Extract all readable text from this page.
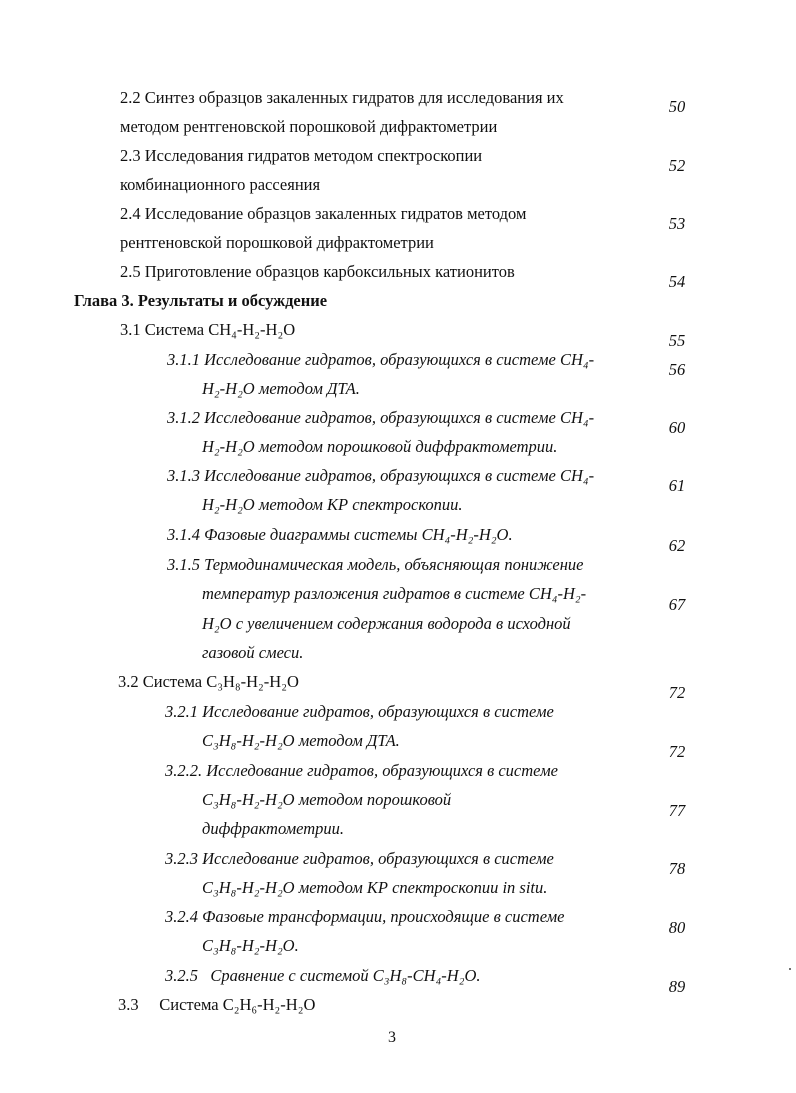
2.2 Синтез образцов закаленных гидратов для исследования их
методом рентгеновской порошковой дифрактометрии
50
2.3 Исследования гидратов методом спектроскопии
комбинационного рассеяния
52
2.4 Исследование образцов закаленных гидратов методом
рентгеновской порошковой дифрактометрии
53
2.5 Приготовление образцов карбоксильных катионитов
54
Глава 3. Результаты и обсуждение
3.1 Система CH₄-H₂-H₂O
55
3.1.1 Исследование гидратов, образующихся в системе CH₄-
H₂-H₂O методом ДТА.
56
3.1.2 Исследование гидратов, образующихся в системе CH₄-
H₂-H₂O методом порошковой диффрактометрии.
60
3.1.3 Исследование гидратов, образующихся в системе CH₄-
H₂-H₂O методом КР спектроскопии.
61
3.1.4 Фазовые диаграммы системы CH₄-H₂-H₂O.
62
3.1.5 Термодинамическая модель, объясняющая понижение
температур разложения гидратов в системе CH₄-H₂-
H₂O с увеличением содержания водорода в исходной
газовой смеси.
67
3.2 Система C₃H₈-H₂-H₂O
72
3.2.1 Исследование гидратов, образующихся в системе
C₃H₈-H₂-H₂O методом ДТА.
72
3.2.2. Исследование гидратов, образующихся в системе
C₃H₈-H₂-H₂O методом порошковой
диффрактометрии.
77
3.2.3 Исследование гидратов, образующихся в системе
C₃H₈-H₂-H₂O методом КР спектроскопии in situ.
78
3.2.4 Фазовые трансформации, происходящие в системе
C₃H₈-H₂-H₂O.
80
3.2.5   Сравнение с системой C₃H₈-CH₄-H₂O.
89
3.3     Система C₂H₆-H₂-H₂O
3
